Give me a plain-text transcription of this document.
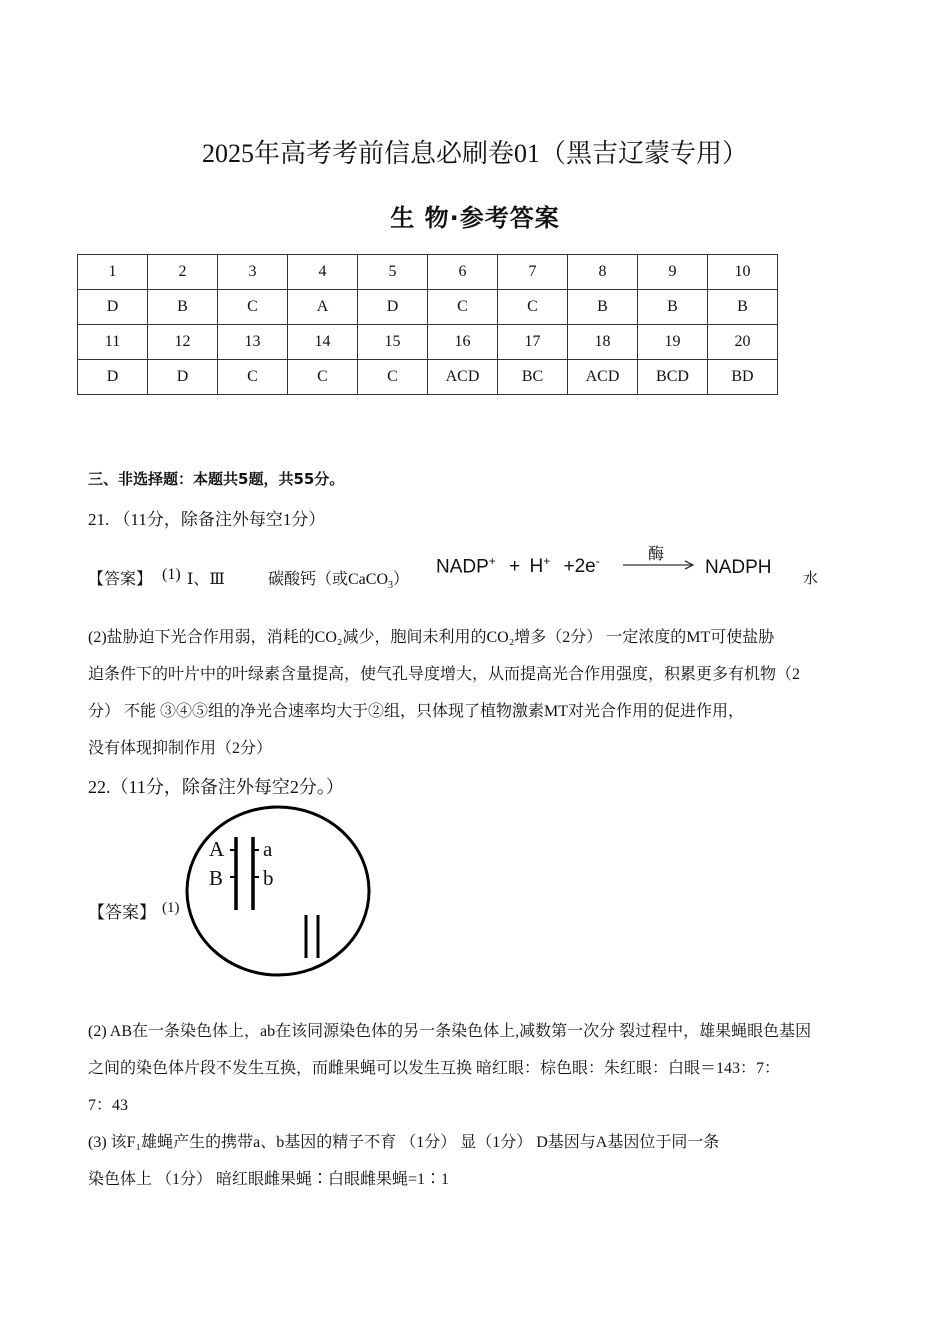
2025年高考考前信息必刷卷01（黑吉辽蒙专用）
生 物·参考答案
1	2	3	4	5	6	7	8	9	10
D	B	C	A	D	C	C	B	B	B
11	12	13	14	15	16	17	18	19	20
D	D	C	C	C	ACD	BC	ACD	BCD	BD
三、非选择题：本题共5题，共55分。
21. （11分，除备注外每空1分）
【答案】 (1) Ⅰ、Ⅲ	碳酸钙（或CaCO$_3$）
NADP+ + H+ +2e-	酶
NADPH
水
(2)盐胁迫下光合作用弱，消耗的CO₂减少，胞间未利用的CO₂增多（2分） 一定浓度的MT可使盐胁
迫条件下的叶片中的叶绿素含量提高，使气孔导度增大，从而提高光合作用强度，积累更多有机物（2
分） 不能 ③④⑤组的净光合速率均大于②组，只体现了植物激素MT对光合作用的促进作用，
没有体现抑制作用（2分）
22.（11分，除备注外每空2分。）
【答案】 (1)
A
B
a
b
(2) AB在一条染色体上，ab在该同源染色体的另一条染色体上,减数第一次分 裂过程中，雄果蝇眼色基因
之间的染色体片段不发生互换，而雌果蝇可以发生互换 暗红眼：棕色眼：朱红眼：白眼＝143：7：
7：43
(3) 该F₁雄蝇产生的携带a、b基因的精子不育 （1分） 显（1分） D基因与A基因位于同一条
染色体上 （1分） 暗红眼雌果蝇∶白眼雌果蝇=1∶1
